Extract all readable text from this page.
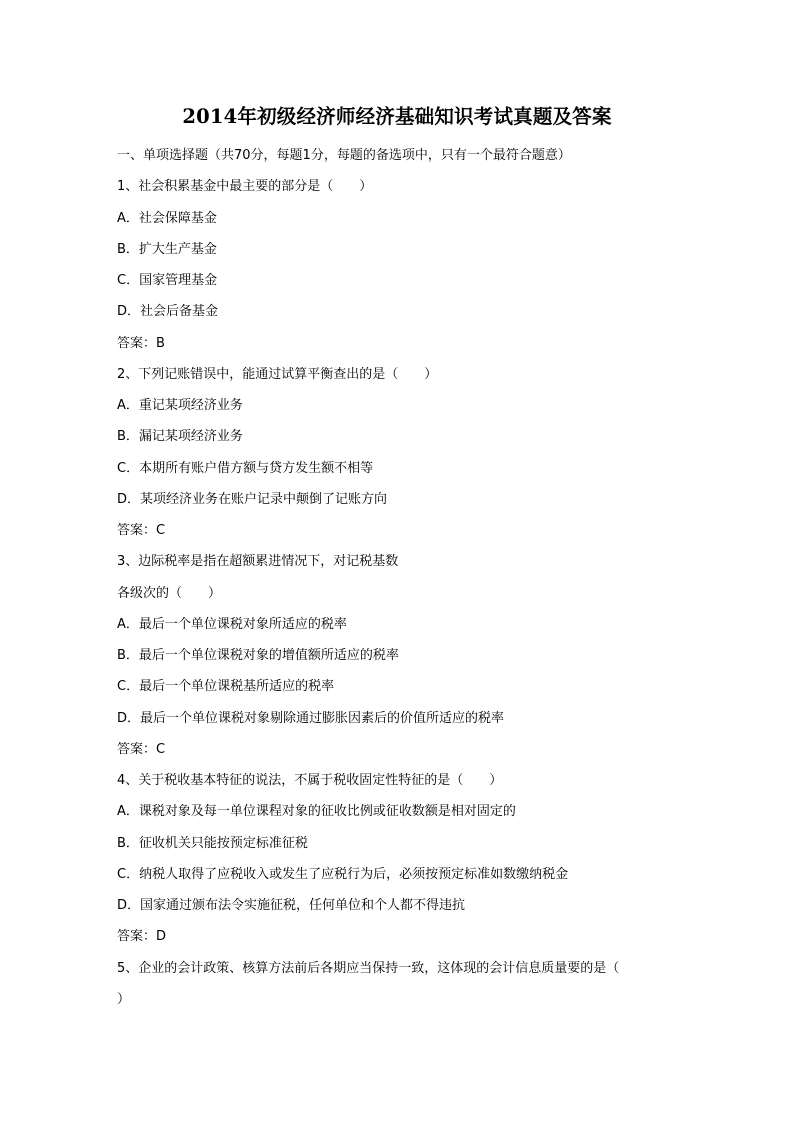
2014年初级经济师经济基础知识考试真题及答案
一、单项选择题（共70分，每题1分，每题的备选项中，只有一个最符合题意）
1、社会积累基金中最主要的部分是（　　）
A．社会保障基金
B．扩大生产基金
C．国家管理基金
D．社会后备基金
答案：B
2、下列记账错误中，能通过试算平衡查出的是（　　）
A．重记某项经济业务
B．漏记某项经济业务
C．本期所有账户借方额与贷方发生额不相等
D．某项经济业务在账户记录中颠倒了记账方向
答案：C
3、边际税率是指在超额累进情况下，对记税基数
各级次的（　　）
A．最后一个单位课税对象所适应的税率
B．最后一个单位课税对象的增值额所适应的税率
C．最后一个单位课税基所适应的税率
D．最后一个单位课税对象剔除通过膨胀因素后的价值所适应的税率
答案：C
4、关于税收基本特征的说法，不属于税收固定性特征的是（　　）
A．课税对象及每一单位课程对象的征收比例或征收数额是相对固定的
B．征收机关只能按预定标准征税
C．纳税人取得了应税收入或发生了应税行为后，必须按预定标准如数缴纳税金
D．国家通过颁布法令实施征税，任何单位和个人都不得违抗
答案：D
5、企业的会计政策、核算方法前后各期应当保持一致，这体现的会计信息质量要的是（
）
